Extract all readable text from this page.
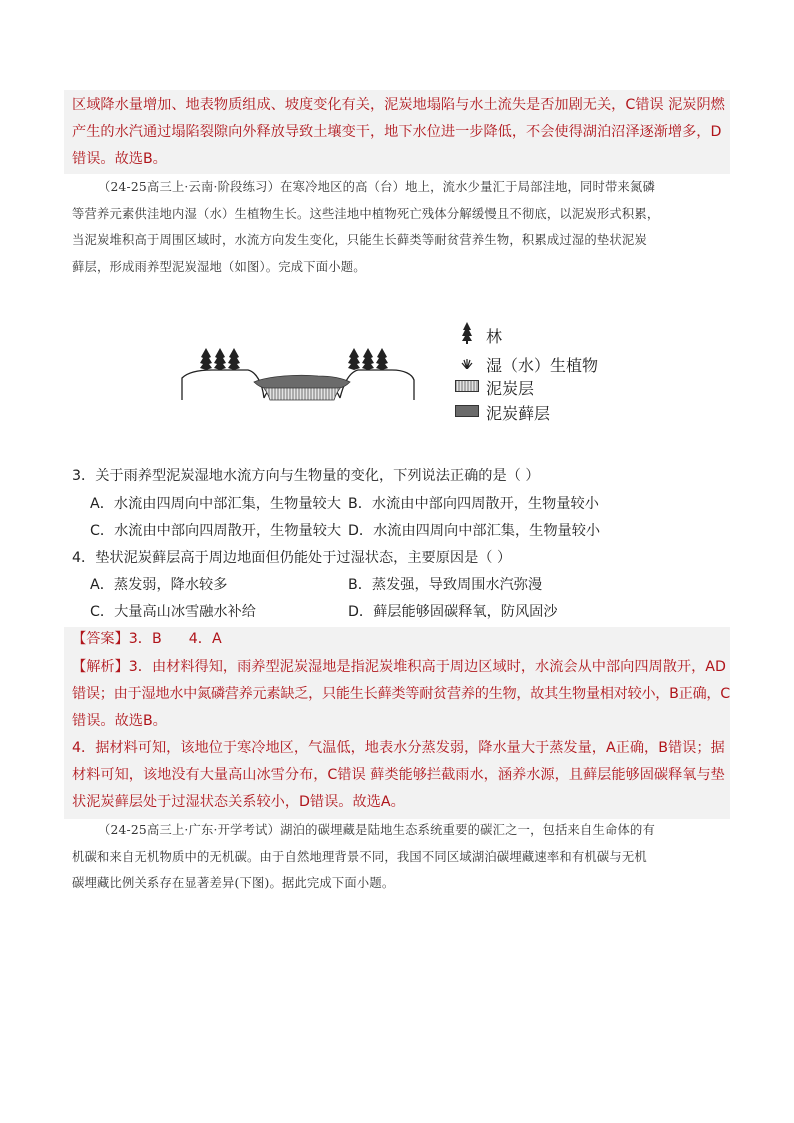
区域降水量增加、地表物质组成、坡度变化有关，泥炭地塌陷与水土流失是否加剧无关，C错误 泥炭阴燃
产生的水汽通过塌陷裂隙向外释放导致土壤变干，地下水位进一步降低，不会使得湖泊沼泽逐渐增多，D
错误。故选B。
（24-25高三上·云南·阶段练习）在寒冷地区的高（台）地上，流水少量汇于局部洼地，同时带来氮磷
等营养元素供洼地内湿（水）生植物生长。这些洼地中植物死亡残体分解缓慢且不彻底，以泥炭形式积累，
当泥炭堆积高于周围区域时，水流方向发生变化，只能生长藓类等耐贫营养生物，积累成过湿的垫状泥炭
藓层，形成雨养型泥炭湿地（如图）。完成下面小题。
林
湿（水）生植物
泥炭层
泥炭藓层
3．关于雨养型泥炭湿地水流方向与生物量的变化，下列说法正确的是（ ）
A．水流由四周向中部汇集，生物量较大 B．水流由中部向四周散开，生物量较小
C．水流由中部向四周散开，生物量较大 D．水流由四周向中部汇集，生物量较小
4．垫状泥炭藓层高于周边地面但仍能处于过湿状态，主要原因是（ ）
A．蒸发弱，降水较多	B．蒸发强，导致周围水汽弥漫
C．大量高山冰雪融水补给	D．藓层能够固碳释氧，防风固沙
【答案】3．B      4．A
【解析】3．由材料得知，雨养型泥炭湿地是指泥炭堆积高于周边区域时，水流会从中部向四周散开，AD
错误；由于湿地水中氮磷营养元素缺乏，只能生长藓类等耐贫营养的生物，故其生物量相对较小，B正确，C
错误。故选B。
4．据材料可知，该地位于寒冷地区，气温低，地表水分蒸发弱，降水量大于蒸发量，A正确，B错误；据
材料可知，该地没有大量高山冰雪分布，C错误 藓类能够拦截雨水，涵养水源，且藓层能够固碳释氧与垫
状泥炭藓层处于过湿状态关系较小，D错误。故选A。
（24-25高三上·广东·开学考试）湖泊的碳埋藏是陆地生态系统重要的碳汇之一，包括来自生命体的有
机碳和来自无机物质中的无机碳。由于自然地理背景不同，我国不同区域湖泊碳埋藏速率和有机碳与无机
碳埋藏比例关系存在显著差异(下图)。据此完成下面小题。
